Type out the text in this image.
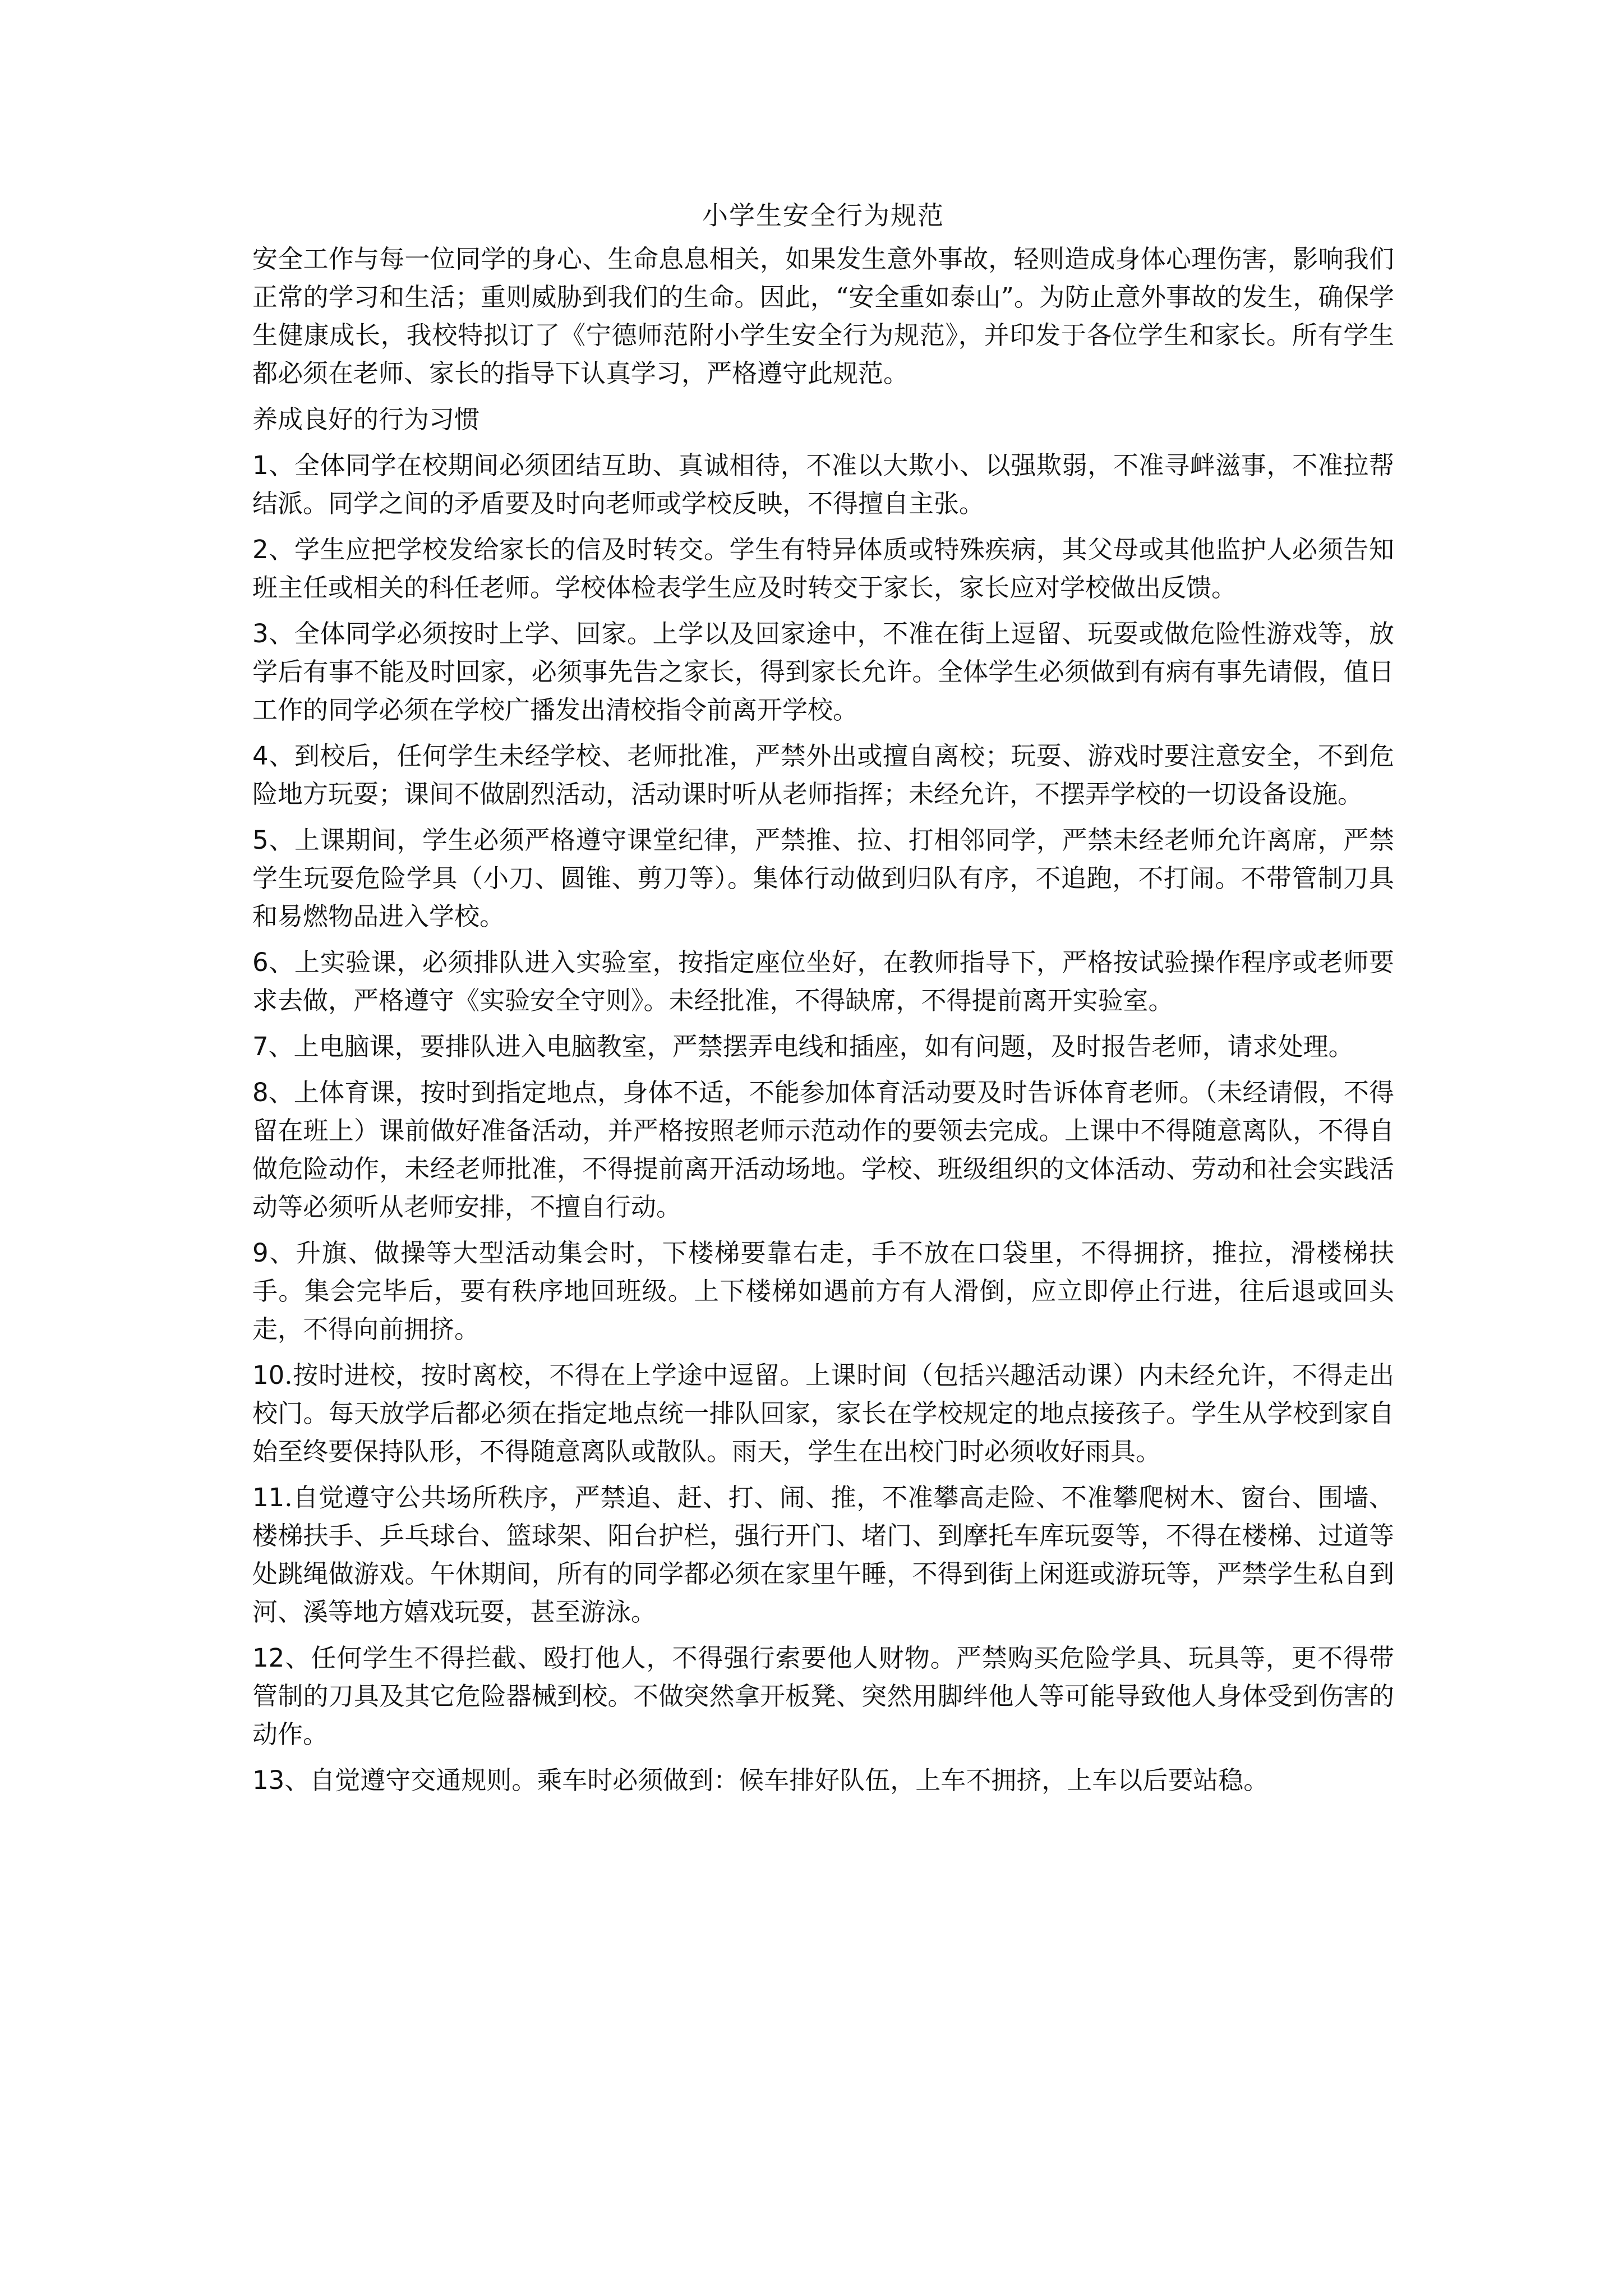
小学生安全行为规范
安全工作与每一位同学的身心、生命息息相关，如果发生意外事故，轻则造成身体心理伤害，影响我们正常的学习和生活；重则威胁到我们的生命。因此，“安全重如泰山”。为防止意外事故的发生，确保学生健康成长，我校特拟订了《宁德师范附小学生安全行为规范》，并印发于各位学生和家长。所有学生都必须在老师、家长的指导下认真学习，严格遵守此规范。
养成良好的行为习惯
1、全体同学在校期间必须团结互助、真诚相待，不准以大欺小、以强欺弱，不准寻衅滋事，不准拉帮结派。同学之间的矛盾要及时向老师或学校反映，不得擅自主张。
2、学生应把学校发给家长的信及时转交。学生有特异体质或特殊疾病，其父母或其他监护人必须告知班主任或相关的科任老师。学校体检表学生应及时转交于家长，家长应对学校做出反馈。
3、全体同学必须按时上学、回家。上学以及回家途中，不准在街上逗留、玩耍或做危险性游戏等，放学后有事不能及时回家，必须事先告之家长，得到家长允许。全体学生必须做到有病有事先请假，值日工作的同学必须在学校广播发出清校指令前离开学校。
4、到校后，任何学生未经学校、老师批准，严禁外出或擅自离校；玩耍、游戏时要注意安全，不到危险地方玩耍；课间不做剧烈活动，活动课时听从老师指挥；未经允许，不摆弄学校的一切设备设施。
5、上课期间，学生必须严格遵守课堂纪律，严禁推、拉、打相邻同学，严禁未经老师允许离席，严禁学生玩耍危险学具（小刀、圆锥、剪刀等）。集体行动做到归队有序，不追跑，不打闹。不带管制刀具和易燃物品进入学校。
6、上实验课，必须排队进入实验室，按指定座位坐好，在教师指导下，严格按试验操作程序或老师要求去做，严格遵守《实验安全守则》。未经批准，不得缺席，不得提前离开实验室。
7、上电脑课，要排队进入电脑教室，严禁摆弄电线和插座，如有问题，及时报告老师，请求处理。
8、上体育课，按时到指定地点，身体不适，不能参加体育活动要及时告诉体育老师。（未经请假，不得留在班上）课前做好准备活动，并严格按照老师示范动作的要领去完成。上课中不得随意离队，不得自做危险动作，未经老师批准，不得提前离开活动场地。学校、班级组织的文体活动、劳动和社会实践活动等必须听从老师安排，不擅自行动。
9、升旗、做操等大型活动集会时，下楼梯要靠右走，手不放在口袋里，不得拥挤，推拉，滑楼梯扶手。集会完毕后，要有秩序地回班级。上下楼梯如遇前方有人滑倒，应立即停止行进，往后退或回头走，不得向前拥挤。
10.按时进校，按时离校，不得在上学途中逗留。上课时间（包括兴趣活动课）内未经允许，不得走出校门。每天放学后都必须在指定地点统一排队回家，家长在学校规定的地点接孩子。学生从学校到家自始至终要保持队形，不得随意离队或散队。雨天，学生在出校门时必须收好雨具。
11.自觉遵守公共场所秩序，严禁追、赶、打、闹、推，不准攀高走险、不准攀爬树木、窗台、围墙、楼梯扶手、乒乓球台、篮球架、阳台护栏，强行开门、堵门、到摩托车库玩耍等，不得在楼梯、过道等处跳绳做游戏。午休期间，所有的同学都必须在家里午睡，不得到街上闲逛或游玩等，严禁学生私自到河、溪等地方嬉戏玩耍，甚至游泳。
12、任何学生不得拦截、殴打他人，不得强行索要他人财物。严禁购买危险学具、玩具等，更不得带管制的刀具及其它危险器械到校。不做突然拿开板凳、突然用脚绊他人等可能导致他人身体受到伤害的动作。
13、自觉遵守交通规则。乘车时必须做到：候车排好队伍，上车不拥挤，上车以后要站稳。
